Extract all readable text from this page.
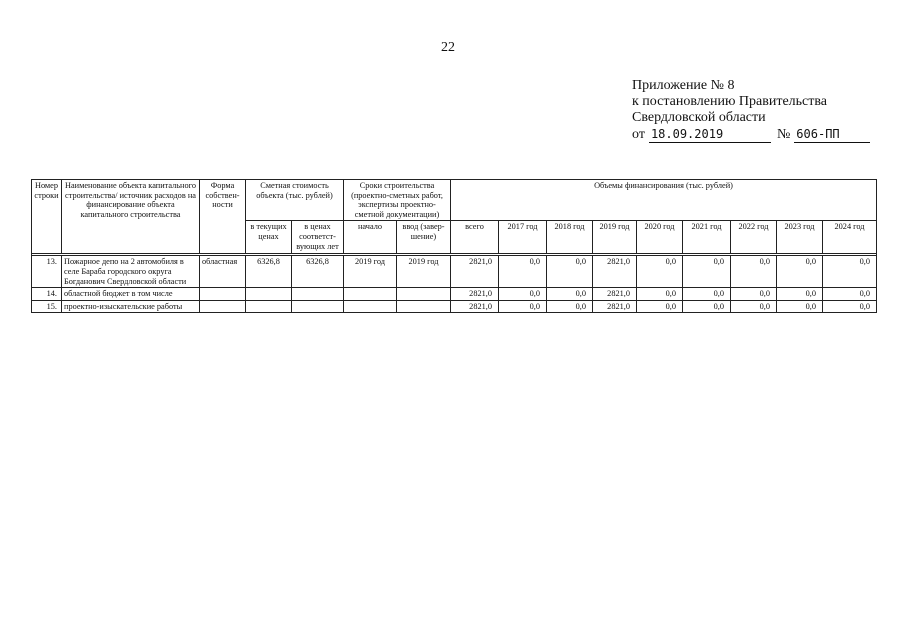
22
Приложение № 8
к постановлению Правительства
Свердловской области
от 18.09.2019	№ 606-ПП
Номер строки	Наименование объекта капитального строительства/ источник расходов на финансирование объекта капитального строительства	Форма собствен-ности	Сметная стоимость объекта (тыс. рублей)		Сроки строительства (проектно-сметных работ, экспертизы проектно-сметной документации)		Объемы финансирования (тыс. рублей)								
			в текущих ценах	в ценах соответст-вующих лет	начало	ввод (завер-шение)	всего	2017 год	2018 год	2019 год	2020 год	2021 год	2022 год	2023 год	2024 год

13.	Пожарное депо на 2 автомобиля в селе Бараба городского округа Богданович Свердловской области	областная	6326,8	6326,8	2019 год	2019 год	2821,0	0,0	0,0	2821,0	0,0	0,0	0,0	0,0	0,0
14.	областной бюджет в том числе						2821,0	0,0	0,0	2821,0	0,0	0,0	0,0	0,0	0,0
15.	проектно-изыскательские работы						2821,0	0,0	0,0	2821,0	0,0	0,0	0,0	0,0	0,0
